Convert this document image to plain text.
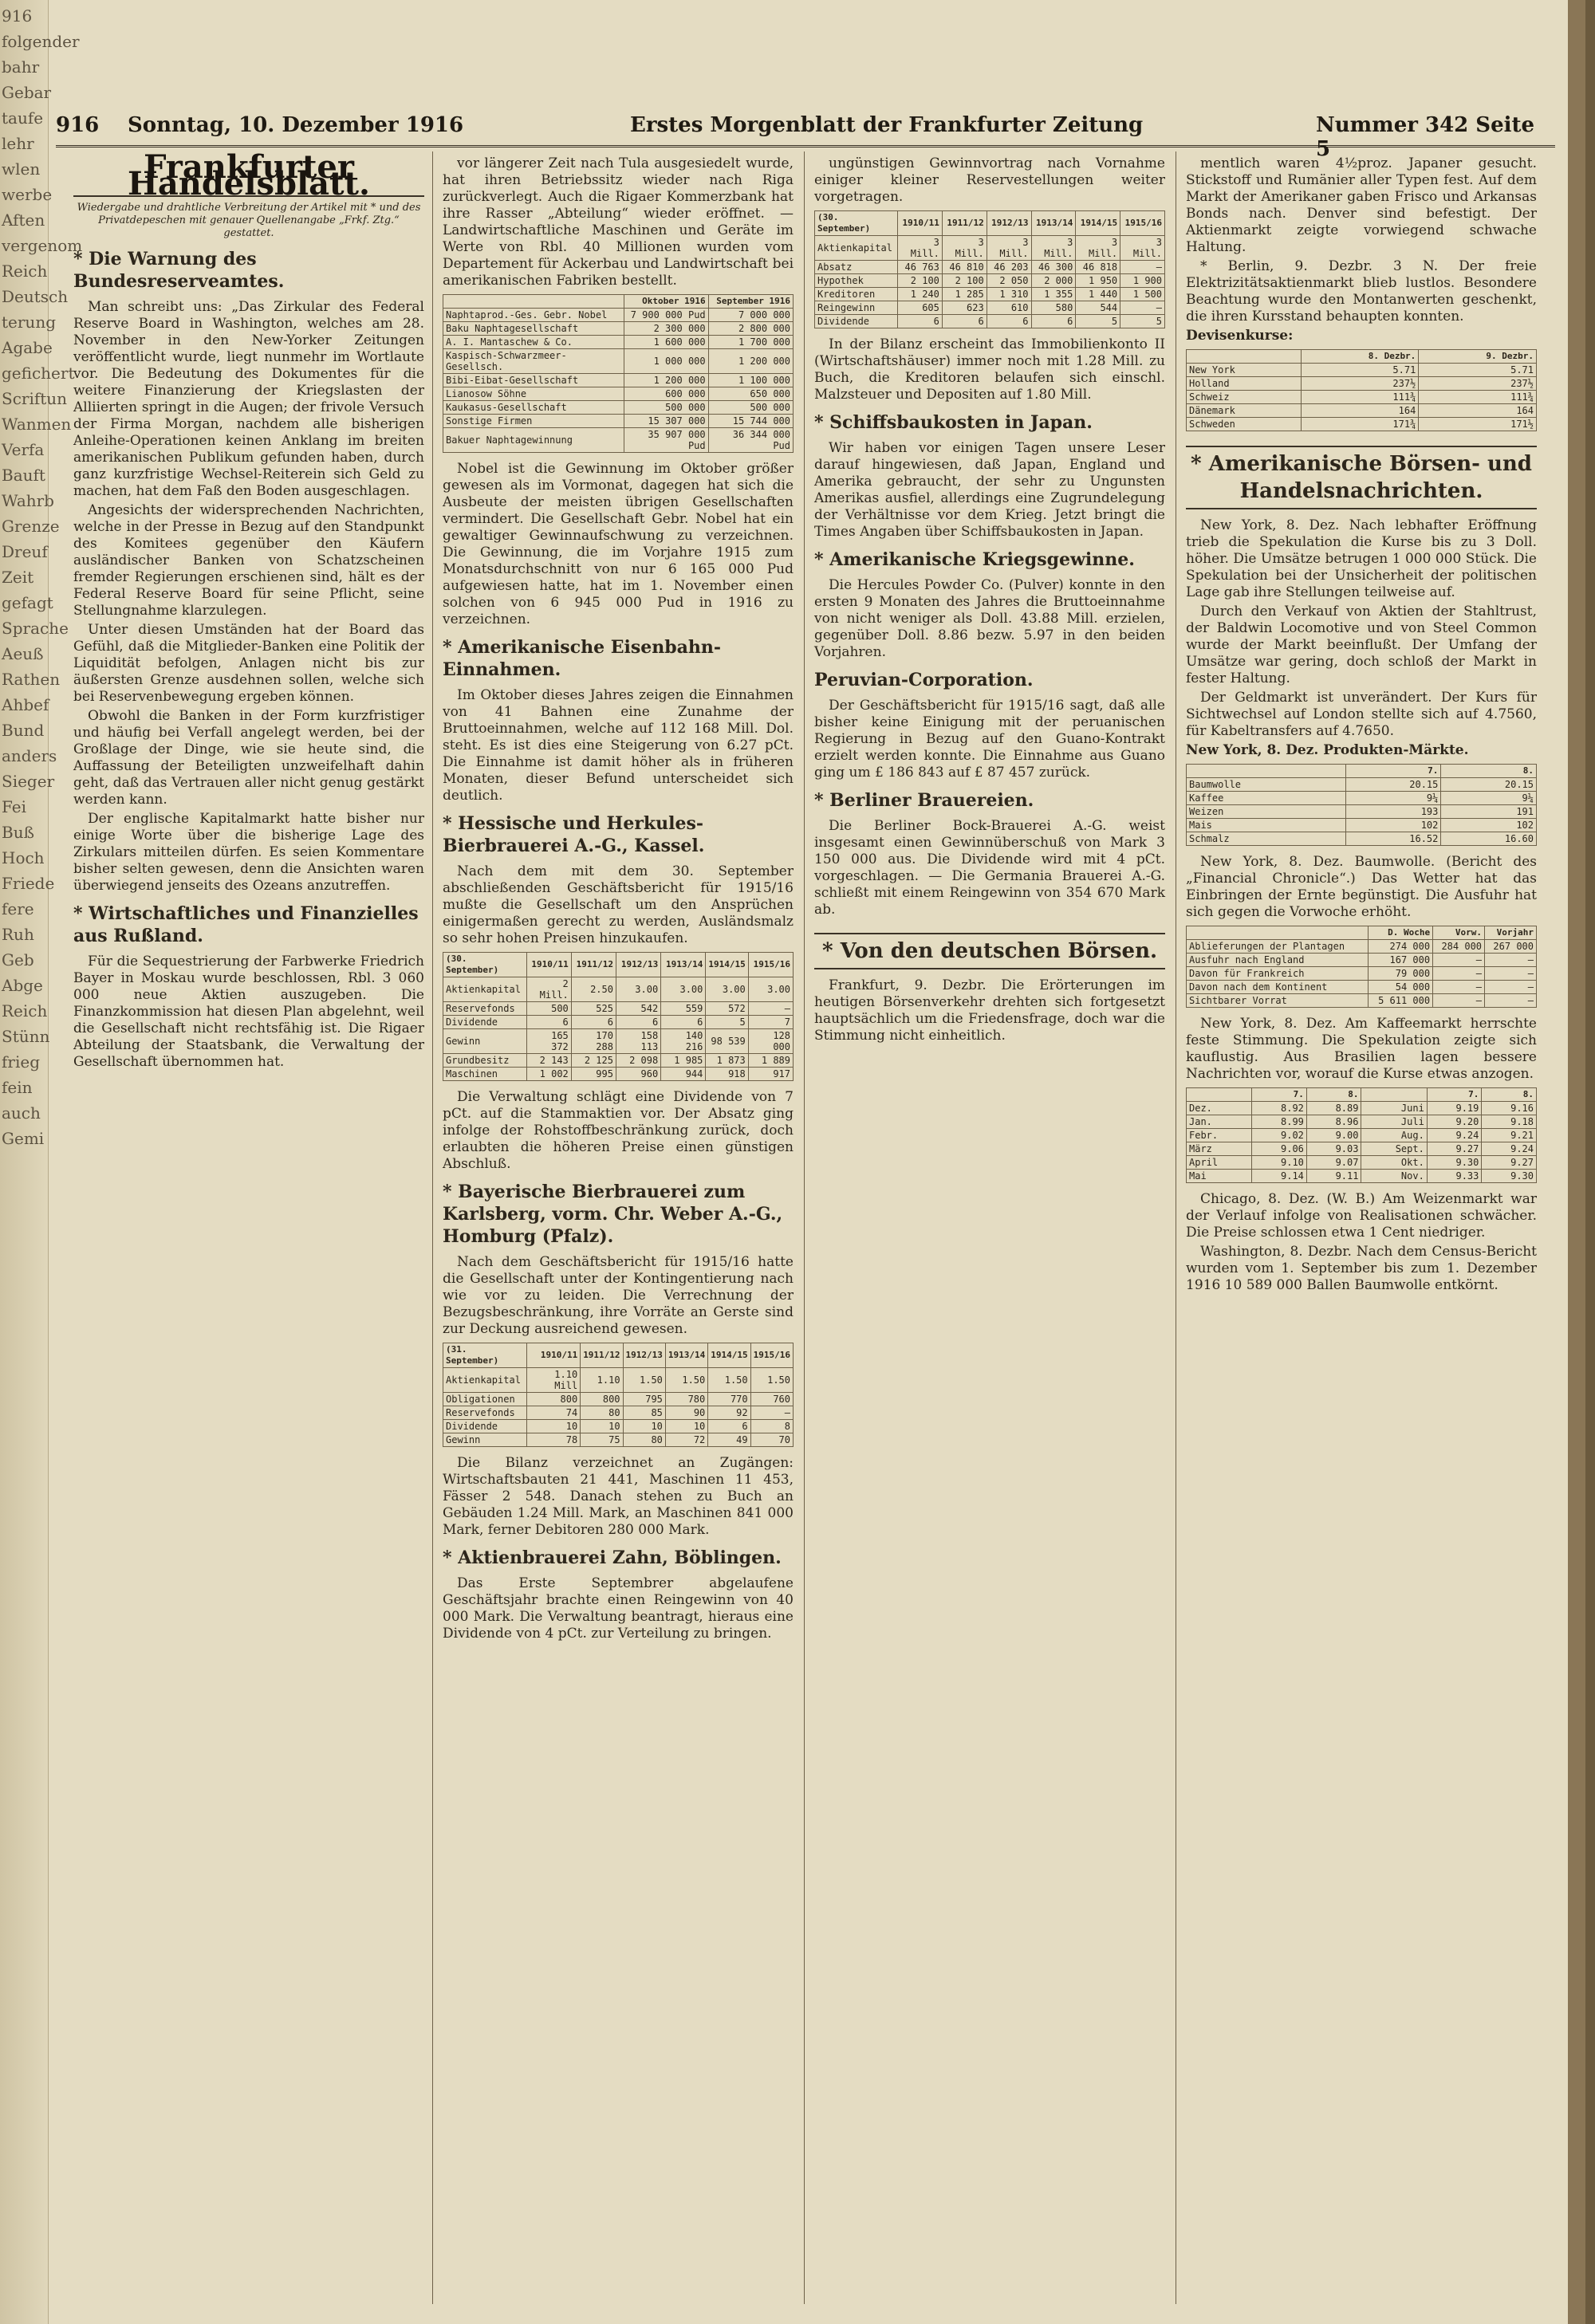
916
folgender
bahr
Gebar
taufe
lehr
wlen
werbe
Aften
vergenom
Reich
Deutsch
terung
Agabe
gefichert
Scriftun
Wanmen
Verfa
Bauft
Wahrb
Grenze
Dreuf
Zeit
gefagt
Sprache
Aeuß
Rathen
Ahbef
Bund
anders
Sieger
Fei
Buß
Hoch
Friede
fere
Ruh
Geb
Abge
Reich
Stünn
frieg
fein
auch
Gemi
916 Sonntag, 10. Dezember 1916	Erstes Morgenblatt der Frankfurter Zeitung	Nummer 342 Seite 5
Frankfurter Handelsblatt.
Wiedergabe und drahtliche Verbreitung der Artikel mit * und des Privatdepeschen mit genauer Quellenangabe „Frkf. Ztg.“ gestattet.
* Die Warnung des Bundesreserveamtes.

Man schreibt uns: „Das Zirkular des Federal Reserve Board in Washington, welches am 28. November in den New-Yorker Zeitungen veröffentlicht wurde, liegt nunmehr im Wortlaute vor. Die Bedeutung des Dokumentes für die weitere Finanzierung der Kriegslasten der Alliierten springt in die Augen; der frivole Versuch der Firma Morgan, nachdem alle bisherigen Anleihe-Operationen keinen Anklang im breiten amerikanischen Publikum gefunden haben, durch ganz kurzfristige Wechsel-Reiterein sich Geld zu machen, hat dem Faß den Boden ausgeschlagen.

Angesichts der widersprechenden Nachrichten, welche in der Presse in Bezug auf den Standpunkt des Komitees gegenüber den Käufern ausländischer Banken von Schatzscheinen fremder Regierungen erschienen sind, hält es der Federal Reserve Board für seine Pflicht, seine Stellungnahme klarzulegen.

Unter diesen Umständen hat der Board das Gefühl, daß die Mitglieder-Banken eine Politik der Liquidität befolgen, Anlagen nicht bis zur äußersten Grenze ausdehnen sollen, welche sich bei Reservenbewegung ergeben können.

Obwohl die Banken in der Form kurzfristiger und häufig bei Verfall angelegt werden, bei der Großlage der Dinge, wie sie heute sind, die Auffassung der Beteiligten unzweifelhaft dahin geht, daß das Vertrauen aller nicht genug gestärkt werden kann.

Der englische Kapitalmarkt hatte bisher nur einige Worte über die bisherige Lage des Zirkulars mitteilen dürfen. Es seien Kommentare bisher selten gewesen, denn die Ansichten waren überwiegend jenseits des Ozeans anzutreffen.

* Wirtschaftliches und Finanzielles aus Rußland.

Für die Sequestrierung der Farbwerke Friedrich Bayer in Moskau wurde beschlossen, Rbl. 3 060 000 neue Aktien auszugeben. Die Finanzkommission hat diesen Plan abgelehnt, weil die Gesellschaft nicht rechtsfähig ist. Die Rigaer Abteilung der Staatsbank, die Verwaltung der Gesellschaft übernommen hat.

vor längerer Zeit nach Tula ausgesiedelt wurde, hat ihren Betriebssitz wieder nach Riga zurückverlegt. Auch die Rigaer Kommerzbank hat ihre Rasser „Abteilung“ wieder eröffnet. — Landwirtschaftliche Maschinen und Geräte im Werte von Rbl. 40 Millionen wurden vom Departement für Ackerbau und Landwirtschaft bei amerikanischen Fabriken bestellt.

	Oktober 1916	September 1916
Naphtaprod.-Ges. Gebr. Nobel	7 900 000 Pud	7 000 000
Baku Naphtagesellschaft	2 300 000	2 800 000
A. I. Mantaschew & Co.	1 600 000	1 700 000
Kaspisch-Schwarzmeer-Gesellsch.	1 000 000	1 200 000
Bibi-Eibat-Gesellschaft	1 200 000	1 100 000
Lianosow Söhne	600 000	650 000
Kaukasus-Gesellschaft	500 000	500 000
Sonstige Firmen	15 307 000	15 744 000
Bakuer Naphtagewinnung	35 907 000 Pud	36 344 000 Pud

Nobel ist die Gewinnung im Oktober größer gewesen als im Vormonat, dagegen hat sich die Ausbeute der meisten übrigen Gesellschaften vermindert. Die Gesellschaft Gebr. Nobel hat ein gewaltiger Gewinnaufschwung zu verzeichnen. Die Gewinnung, die im Vorjahre 1915 zum Monatsdurchschnitt von nur 6 165 000 Pud aufgewiesen hatte, hat im 1. November einen solchen von 6 945 000 Pud in 1916 zu verzeichnen.

* Amerikanische Eisenbahn-Einnahmen.

Im Oktober dieses Jahres zeigen die Einnahmen von 41 Bahnen eine Zunahme der Bruttoeinnahmen, welche auf 112 168 Mill. Dol. steht. Es ist dies eine Steigerung von 6.27 pCt. Die Einnahme ist damit höher als in früheren Monaten, dieser Befund unterscheidet sich deutlich.

* Hessische und Herkules-Bierbrauerei A.-G., Kassel.

Nach dem mit dem 30. September abschließenden Geschäftsbericht für 1915/16 mußte die Gesellschaft um den Ansprüchen einigermaßen gerecht zu werden, Ausländsmalz so sehr hohen Preisen hinzukaufen.

(30. September)	1910/11	1911/12	1912/13	1913/14	1914/15	1915/16
Aktienkapital	2 Mill.	2.50	3.00	3.00	3.00	3.00
Reservefonds	500	525	542	559	572	—
Dividende	6	6	6	6	5	7
Gewinn	165 372	170 288	158 113	140 216	98 539	128 000
Grundbesitz	2 143	2 125	2 098	1 985	1 873	1 889
Maschinen	1 002	995	960	944	918	917

Die Verwaltung schlägt eine Dividende von 7 pCt. auf die Stammaktien vor. Der Absatz ging infolge der Rohstoffbeschränkung zurück, doch erlaubten die höheren Preise einen günstigen Abschluß.

* Bayerische Bierbrauerei zum Karlsberg, vorm. Chr. Weber A.-G., Homburg (Pfalz).

Nach dem Geschäftsbericht für 1915/16 hatte die Gesellschaft unter der Kontingentierung nach wie vor zu leiden. Die Verrechnung der Bezugsbeschränkung, ihre Vorräte an Gerste sind zur Deckung ausreichend gewesen.

(31. September)	1910/11	1911/12	1912/13	1913/14	1914/15	1915/16
Aktienkapital	1.10 Mill	1.10	1.50	1.50	1.50	1.50
Obligationen	800	800	795	780	770	760
Reservefonds	74	80	85	90	92	—
Dividende	10	10	10	10	6	8
Gewinn	78	75	80	72	49	70

Die Bilanz verzeichnet an Zugängen: Wirtschaftsbauten 21 441, Maschinen 11 453, Fässer 2 548. Danach stehen zu Buch an Gebäuden 1.24 Mill. Mark, an Maschinen 841 000 Mark, ferner Debitoren 280 000 Mark.

* Aktienbrauerei Zahn, Böblingen.

Das Erste Septembrer abgelaufene Geschäftsjahr brachte einen Reingewinn von 40 000 Mark. Die Verwaltung beantragt, hieraus eine Dividende von 4 pCt. zur Verteilung zu bringen.

ungünstigen Gewinnvortrag nach Vornahme einiger kleiner Reservestellungen weiter vorgetragen.

(30. September)	1910/11	1911/12	1912/13	1913/14	1914/15	1915/16
Aktienkapital	3 Mill.	3 Mill.	3 Mill.	3 Mill.	3 Mill.	3 Mill.
Absatz	46 763	46 810	46 203	46 300	46 818	—
Hypothek	2 100	2 100	2 050	2 000	1 950	1 900
Kreditoren	1 240	1 285	1 310	1 355	1 440	1 500
Reingewinn	605	623	610	580	544	—
Dividende	6	6	6	6	5	5

In der Bilanz erscheint das Immobilienkonto II (Wirtschaftshäuser) immer noch mit 1.28 Mill. zu Buch, die Kreditoren belaufen sich einschl. Malzsteuer und Depositen auf 1.80 Mill.

* Schiffsbaukosten in Japan.

Wir haben vor einigen Tagen unsere Leser darauf hingewiesen, daß Japan, England und Amerika gebraucht, der sehr zu Ungunsten Amerikas ausfiel, allerdings eine Zugrundelegung der Verhältnisse vor dem Krieg. Jetzt bringt die Times Angaben über Schiffsbaukosten in Japan.

* Amerikanische Kriegsgewinne.

Die Hercules Powder Co. (Pulver) konnte in den ersten 9 Monaten des Jahres die Bruttoeinnahme von nicht weniger als Doll. 43.88 Mill. erzielen, gegenüber Doll. 8.86 bezw. 5.97 in den beiden Vorjahren.

Peruvian-Corporation.

Der Geschäftsbericht für 1915/16 sagt, daß alle bisher keine Einigung mit der peruanischen Regierung in Bezug auf den Guano-Kontrakt erzielt werden konnte. Die Einnahme aus Guano ging um £ 186 843 auf £ 87 457 zurück.

* Berliner Brauereien.

Die Berliner Bock-Brauerei A.-G. weist insgesamt einen Gewinnüberschuß von Mark 3 150 000 aus. Die Dividende wird mit 4 pCt. vorgeschlagen. — Die Germania Brauerei A.-G. schließt mit einem Reingewinn von 354 670 Mark ab.

* Von den deutschen Börsen.

Frankfurt, 9. Dezbr. Die Erörterungen im heutigen Börsenverkehr drehten sich fortgesetzt hauptsächlich um die Friedensfrage, doch war die Stimmung nicht einheitlich.

mentlich waren 4½proz. Japaner gesucht. Stickstoff und Rumänier aller Typen fest. Auf dem Markt der Amerikaner gaben Frisco und Arkansas Bonds nach. Denver sind befestigt. Der Aktienmarkt zeigte vorwiegend schwache Haltung.

* Berlin, 9. Dezbr. 3 N. Der freie Elektrizitätsaktienmarkt blieb lustlos. Besondere Beachtung wurde den Montanwerten geschenkt, die ihren Kursstand behaupten konnten.

Devisenkurse:
	8. Dezbr.	9. Dezbr.
New York	5.71	5.71
Holland	237½	237½
Schweiz	111¾	111¾
Dänemark	164	164
Schweden	171¾	171½
* Amerikanische Börsen- und Handelsnachrichten.

New York, 8. Dez. Nach lebhafter Eröffnung trieb die Spekulation die Kurse bis zu 3 Doll. höher. Die Umsätze betrugen 1 000 000 Stück. Die Spekulation bei der Unsicherheit der politischen Lage gab ihre Stellungen teilweise auf.

Durch den Verkauf von Aktien der Stahltrust, der Baldwin Locomotive und von Steel Common wurde der Markt beeinflußt. Der Umfang der Umsätze war gering, doch schloß der Markt in fester Haltung.

Der Geldmarkt ist unverändert. Der Kurs für Sichtwechsel auf London stellte sich auf 4.7560, für Kabeltransfers auf 4.7650.

New York, 8. Dez. Produkten-Märkte.
	7.	8.
Baumwolle	20.15	20.15
Kaffee	9¼	9¼
Weizen	193	191
Mais	102	102
Schmalz	16.52	16.60

New York, 8. Dez. Baumwolle. (Bericht des „Financial Chronicle“.) Das Wetter hat das Einbringen der Ernte begünstigt. Die Ausfuhr hat sich gegen die Vorwoche erhöht.

	D. Woche	Vorw.	Vorjahr
Ablieferungen der Plantagen	274 000	284 000	267 000
Ausfuhr nach England	167 000	—	—
Davon für Frankreich	79 000	—	—
Davon nach dem Kontinent	54 000	—	—
Sichtbarer Vorrat	5 611 000	—	—

New York, 8. Dez. Am Kaffeemarkt herrschte feste Stimmung. Die Spekulation zeigte sich kauflustig. Aus Brasilien lagen bessere Nachrichten vor, worauf die Kurse etwas anzogen.

	7.	8.		7.	8.
Dez.	8.92	8.89	Juni	9.19	9.16
Jan.	8.99	8.96	Juli	9.20	9.18
Febr.	9.02	9.00	Aug.	9.24	9.21
März	9.06	9.03	Sept.	9.27	9.24
April	9.10	9.07	Okt.	9.30	9.27
Mai	9.14	9.11	Nov.	9.33	9.30

Chicago, 8. Dez. (W. B.) Am Weizenmarkt war der Verlauf infolge von Realisationen schwächer. Die Preise schlossen etwa 1 Cent niedriger.

Washington, 8. Dezbr. Nach dem Census-Bericht wurden vom 1. September bis zum 1. Dezember 1916 10 589 000 Ballen Baumwolle entkörnt.
